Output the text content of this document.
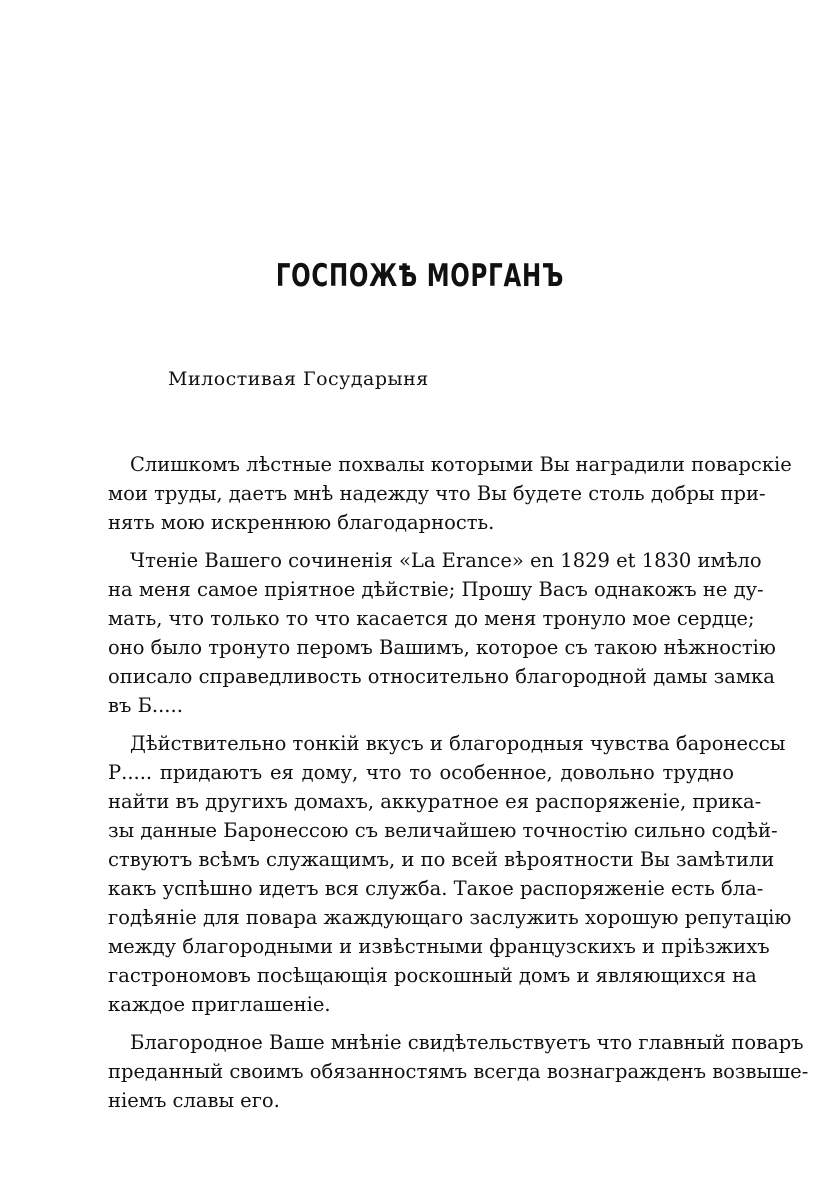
ГОСПОЖѢ МОРГАНЪ

Милостивая Государыня

Слишкомъ лѣстные похвалы которыми Вы наградили поварскіе
мои труды, даетъ мнѣ надежду что Вы будете столь добры при-
нять мою искреннюю благодарность.
Чтеніе Вашего сочиненія «La Erance» en 1829 et 1830 имѣло
на меня самое пріятное дѣйствіе; Прошу Васъ однакожъ не ду-
мать, что только то что касается до меня тронуло мое сердце;
оно было тронуто перомъ Вашимъ, которое съ такою нѣжностію
описало справедливость относительно благородной дамы замка
въ Б.....
Дѣйствительно тонкій вкусъ и благородныя чувства баронессы
Р..... придаютъ ея дому, что то особенное, довольно трудно
найти въ другихъ домахъ, аккуратное ея распоряженіе, прика-
зы данные Баронессою съ величайшею точностію сильно содѣй-
ствуютъ всѣмъ служащимъ, и по всей вѣроятности Вы замѣтили
какъ успѣшно идетъ вся служба. Такое распоряженіе есть бла-
годѣяніе для повара жаждующаго заслужить хорошую репутацію
между благородными и извѣстными французскихъ и пріѣзжихъ
гастрономовъ посѣщающія роскошный домъ и являющихся на
каждое приглашеніе.
Благородное Ваше мнѣніе свидѣтельствуетъ что главный поваръ
преданный своимъ обязанностямъ всегда вознагражденъ возвыше-
ніемъ славы его.
